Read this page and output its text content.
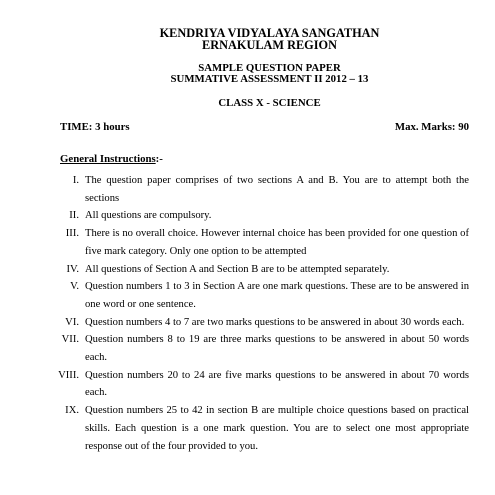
KENDRIYA VIDYALAYA SANGATHAN
ERNAKULAM REGION
SAMPLE QUESTION PAPER
SUMMATIVE ASSESSMENT II 2012 – 13
CLASS X - SCIENCE
TIME: 3 hours	Max. Marks: 90
General Instructions:-
I. The question paper comprises of two sections A and B. You are to attempt both the sections
II. All questions are compulsory.
III. There is no overall choice. However internal choice has been provided for one question of five mark category. Only one option to be attempted
IV. All questions of Section A and Section B are to be attempted separately.
V. Question numbers 1 to 3 in Section A are one mark questions. These are to be answered in one word or one sentence.
VI. Question numbers 4 to 7 are two marks questions to be answered in about 30 words each.
VII. Question numbers 8 to 19 are three marks questions to be answered in about 50 words each.
VIII. Question numbers 20 to 24 are five marks questions to be answered in about 70 words each.
IX. Question numbers 25 to 42 in section B are multiple choice questions based on practical skills. Each question is a one mark question. You are to select one most appropriate response out of the four provided to you.
